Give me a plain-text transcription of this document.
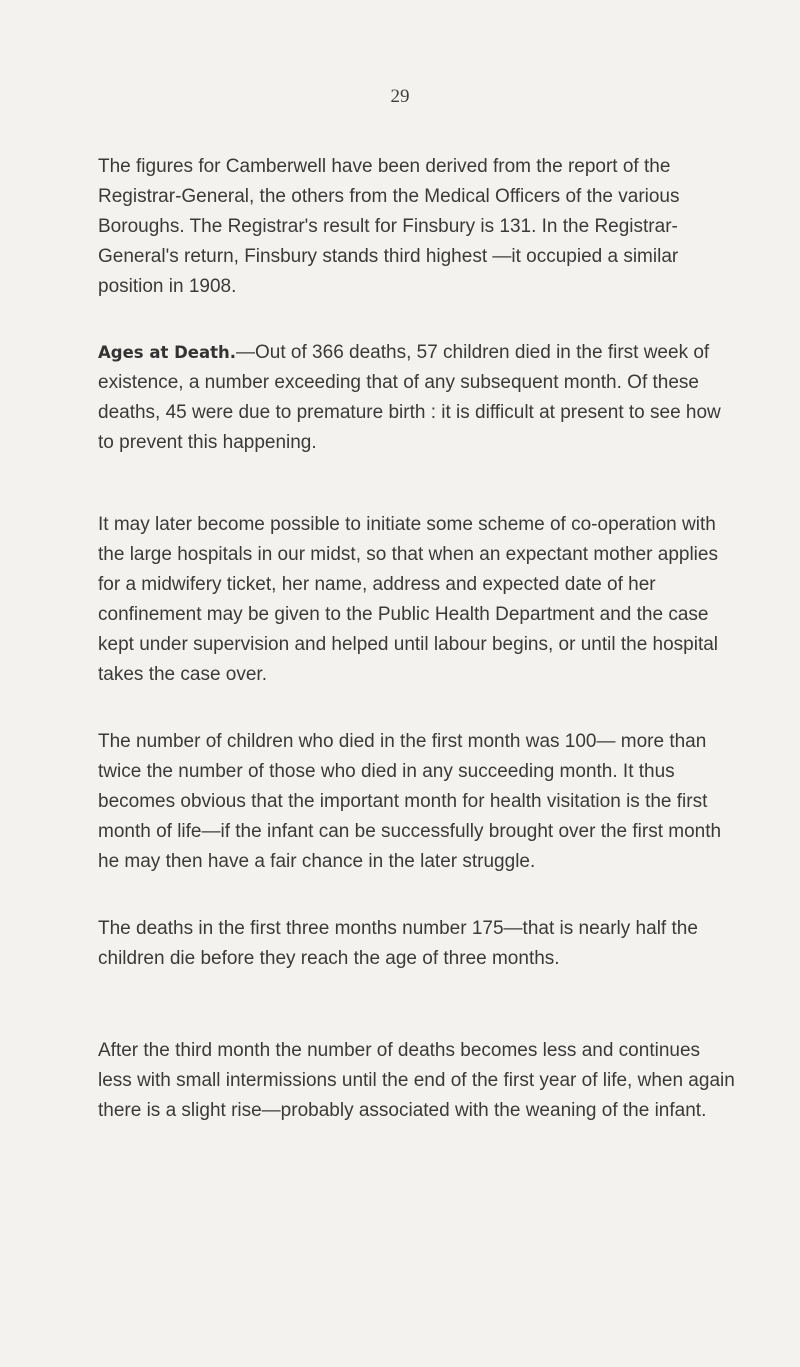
29

The figures for Camberwell have been derived from the report of the Registrar-General, the others from the Medical Officers of the various Boroughs. The Registrar's result for Finsbury is 131. In the Registrar-General's return, Finsbury stands third highest —it occupied a similar position in 1908.

Ages at Death.—Out of 366 deaths, 57 children died in the first week of existence, a number exceeding that of any subsequent month. Of these deaths, 45 were due to premature birth : it is difficult at present to see how to prevent this happening.

It may later become possible to initiate some scheme of co-operation with the large hospitals in our midst, so that when an expectant mother applies for a midwifery ticket, her name, address and expected date of her confinement may be given to the Public Health Department and the case kept under supervision and helped until labour begins, or until the hospital takes the case over.

The number of children who died in the first month was 100— more than twice the number of those who died in any succeeding month. It thus becomes obvious that the important month for health visitation is the first month of life—if the infant can be successfully brought over the first month he may then have a fair chance in the later struggle.

The deaths in the first three months number 175—that is nearly half the children die before they reach the age of three months.

After the third month the number of deaths becomes less and continues less with small intermissions until the end of the first year of life, when again there is a slight rise—probably associated with the weaning of the infant.
